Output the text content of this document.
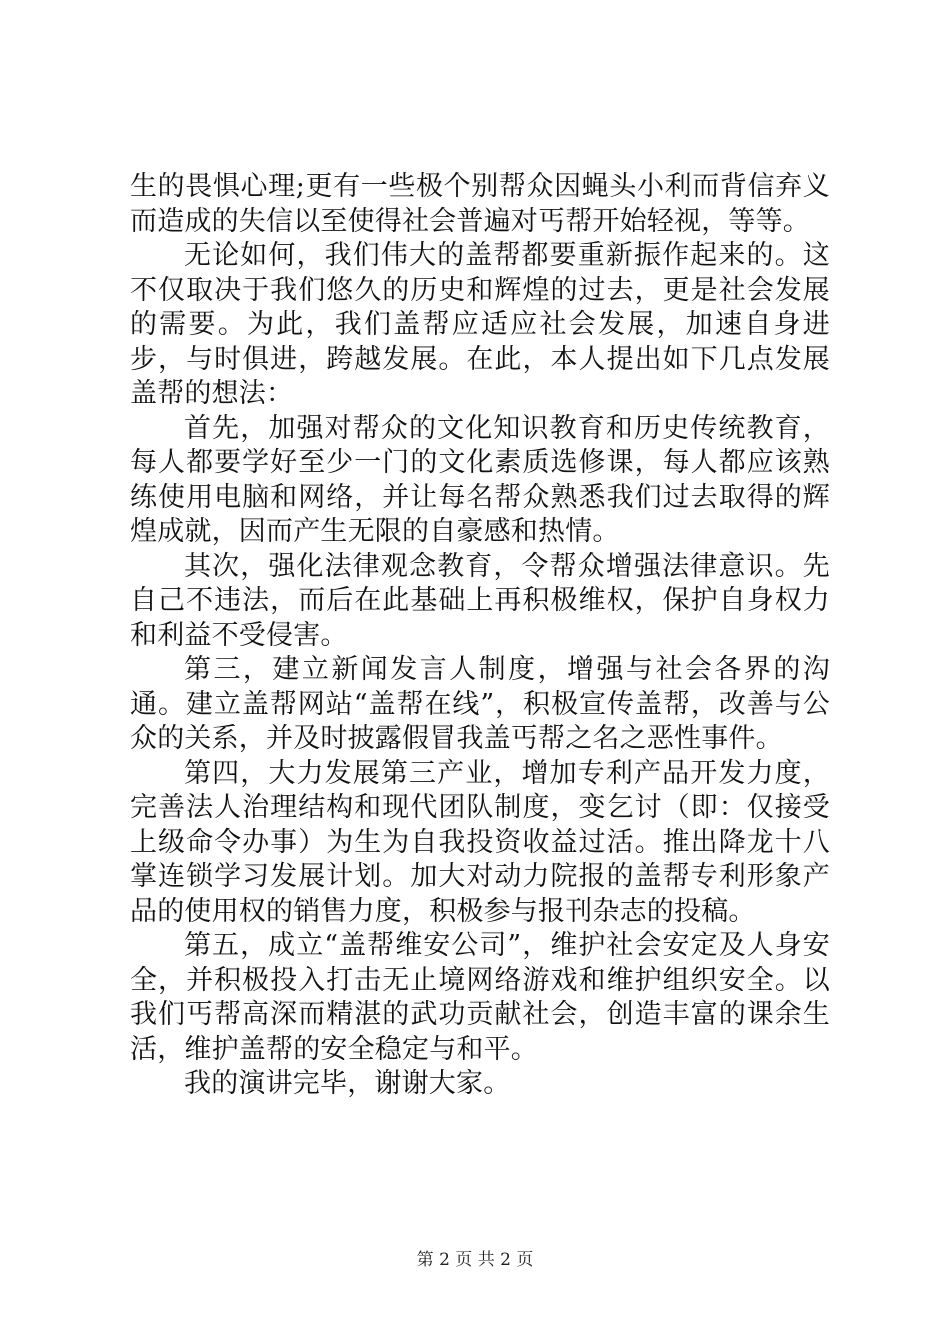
生的畏惧心理;更有一些极个别帮众因蝇头小利而背信弃义而造成的失信以至使得社会普遍对丐帮开始轻视，等等。

无论如何，我们伟大的盖帮都要重新振作起来的。这不仅取决于我们悠久的历史和辉煌的过去，更是社会发展的需要。为此，我们盖帮应适应社会发展，加速自身进步，与时俱进，跨越发展。在此，本人提出如下几点发展盖帮的想法：

首先，加强对帮众的文化知识教育和历史传统教育，每人都要学好至少一门的文化素质选修课，每人都应该熟练使用电脑和网络，并让每名帮众熟悉我们过去取得的辉煌成就，因而产生无限的自豪感和热情。

其次，强化法律观念教育，令帮众增强法律意识。先自己不违法，而后在此基础上再积极维权，保护自身权力和利益不受侵害。

第三，建立新闻发言人制度，增强与社会各界的沟通。建立盖帮网站“盖帮在线”，积极宣传盖帮，改善与公众的关系，并及时披露假冒我盖丐帮之名之恶性事件。

第四，大力发展第三产业，增加专利产品开发力度，完善法人治理结构和现代团队制度，变乞讨（即：仅接受上级命令办事）为生为自我投资收益过活。推出降龙十八掌连锁学习发展计划。加大对动力院报的盖帮专利形象产品的使用权的销售力度，积极参与报刊杂志的投稿。

第五，成立“盖帮维安公司”，维护社会安定及人身安全，并积极投入打击无止境网络游戏和维护组织安全。以我们丐帮高深而精湛的武功贡献社会，创造丰富的课余生活，维护盖帮的安全稳定与和平。

我的演讲完毕，谢谢大家。

第 2 页 共 2 页
